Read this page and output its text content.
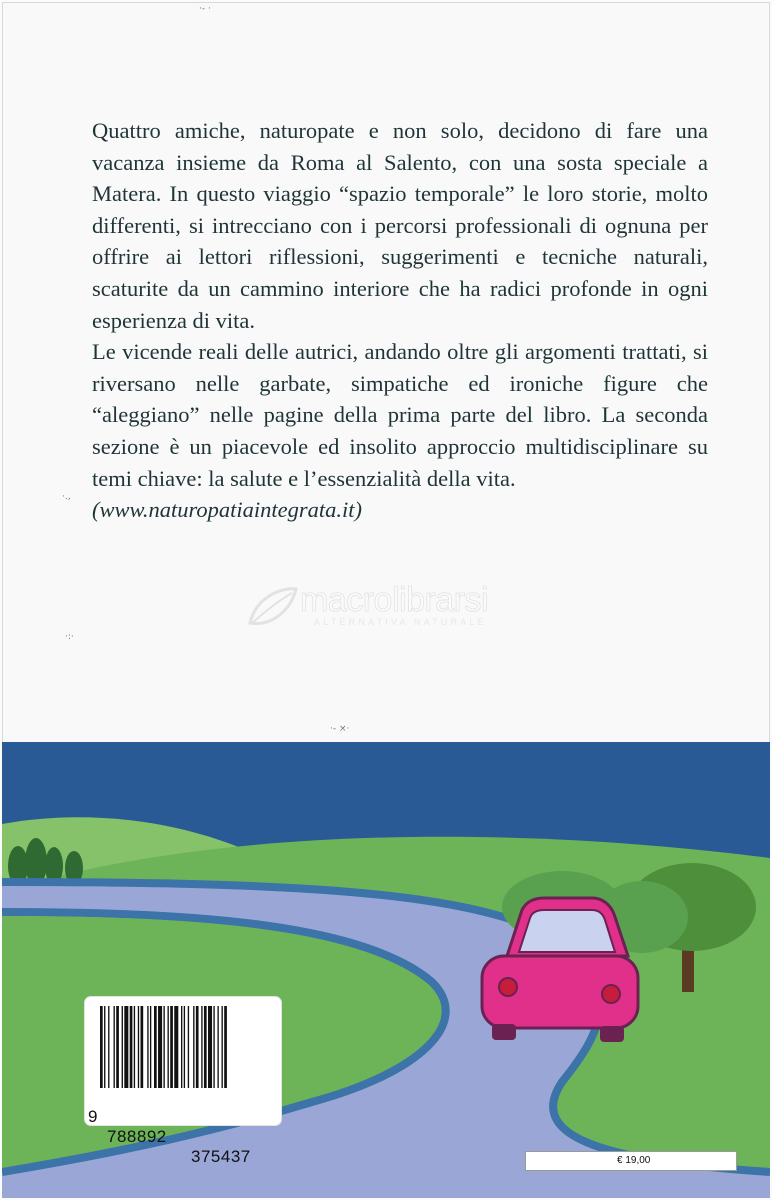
·‐ ·
·.‚
·:·
·‑ ×·

Quattro amiche, naturopate e non solo, decidono di fare una vacanza insieme da Roma al Salento, con una sosta speciale a Matera. In questo viaggio “spazio temporale” le loro storie, molto differenti, si intrecciano con i percorsi professionali di ognuna per offrire ai lettori riflessioni, suggerimenti e tecniche naturali, scaturite da un cammino interiore che ha radici profonde in ogni esperienza di vita.

Le vicende reali delle autrici, andando oltre gli argomenti trattati, si riversano nelle garbate, simpatiche ed ironiche figure che “aleggiano” nelle pagine della prima parte del libro. La seconda sezione è un piacevole ed insolito approccio multidisciplinare su temi chiave: la salute e l’essenzialità della vita.

(www.naturopatiaintegrata.it)

macrolibrarsi
ALTERNATIVA NATURALE

9

788892

375437

	€ 19,00
